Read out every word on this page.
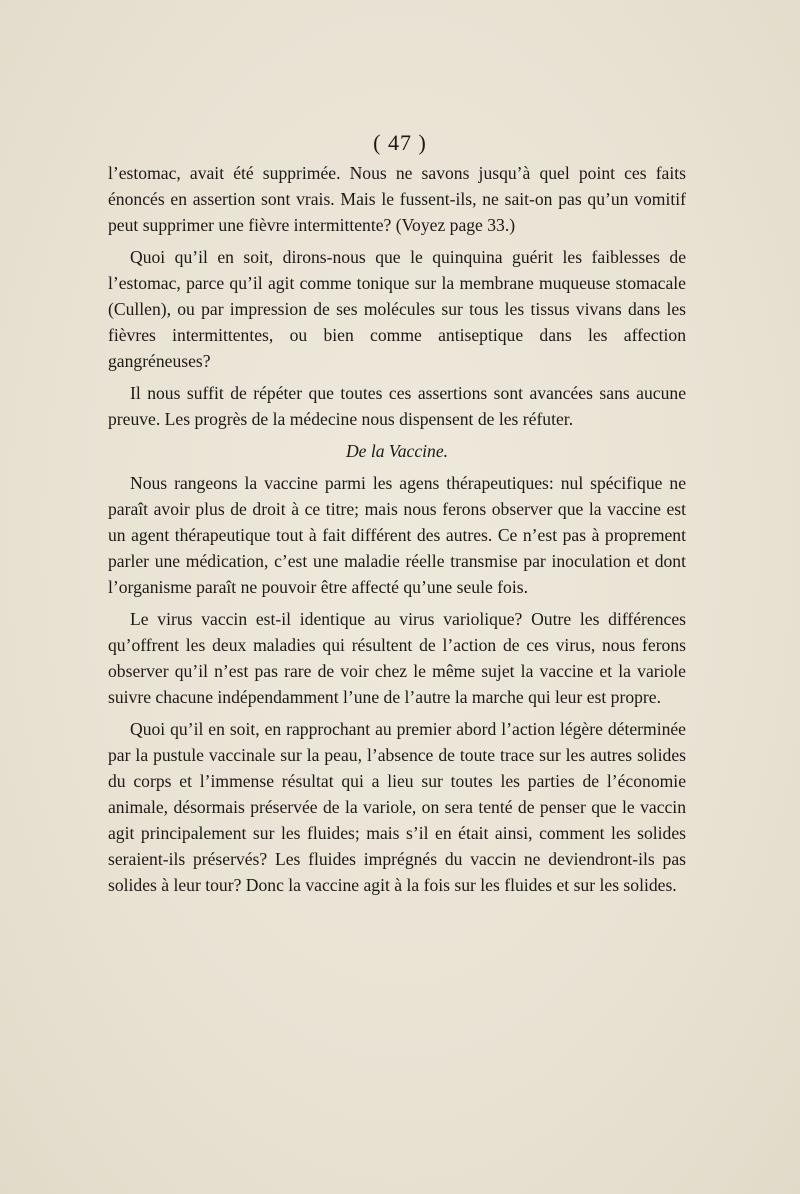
( 47 )

l’estomac, avait été supprimée. Nous ne savons jusqu’à quel point ces faits énoncés en assertion sont vrais. Mais le fussent-ils, ne sait-on pas qu’un vomitif peut supprimer une fièvre intermittente? (Voyez page 33.)

Quoi qu’il en soit, dirons-nous que le quinquina guérit les faiblesses de l’estomac, parce qu’il agit comme tonique sur la membrane muqueuse stomacale (Cullen), ou par impression de ses molécules sur tous les tissus vivans dans les fièvres intermittentes, ou bien comme antiseptique dans les affection gangréneuses?

Il nous suffit de répéter que toutes ces assertions sont avancées sans aucune preuve. Les progrès de la médecine nous dispensent de les réfuter.

De la Vaccine.

Nous rangeons la vaccine parmi les agens thérapeutiques: nul spécifique ne paraît avoir plus de droit à ce titre; mais nous ferons observer que la vaccine est un agent thérapeutique tout à fait différent des autres. Ce n’est pas à proprement parler une médication, c’est une maladie réelle transmise par inoculation et dont l’organisme paraît ne pouvoir être affecté qu’une seule fois.

Le virus vaccin est-il identique au virus variolique? Outre les différences qu’offrent les deux maladies qui résultent de l’action de ces virus, nous ferons observer qu’il n’est pas rare de voir chez le même sujet la vaccine et la variole suivre chacune indépendamment l’une de l’autre la marche qui leur est propre.

Quoi qu’il en soit, en rapprochant au premier abord l’action légère déterminée par la pustule vaccinale sur la peau, l’absence de toute trace sur les autres solides du corps et l’immense résultat qui a lieu sur toutes les parties de l’économie animale, désormais préservée de la variole, on sera tenté de penser que le vaccin agit principalement sur les fluides; mais s’il en était ainsi, comment les solides seraient-ils préservés? Les fluides imprégnés du vaccin ne deviendront-ils pas solides à leur tour? Donc la vaccine agit à la fois sur les fluides et sur les solides.
